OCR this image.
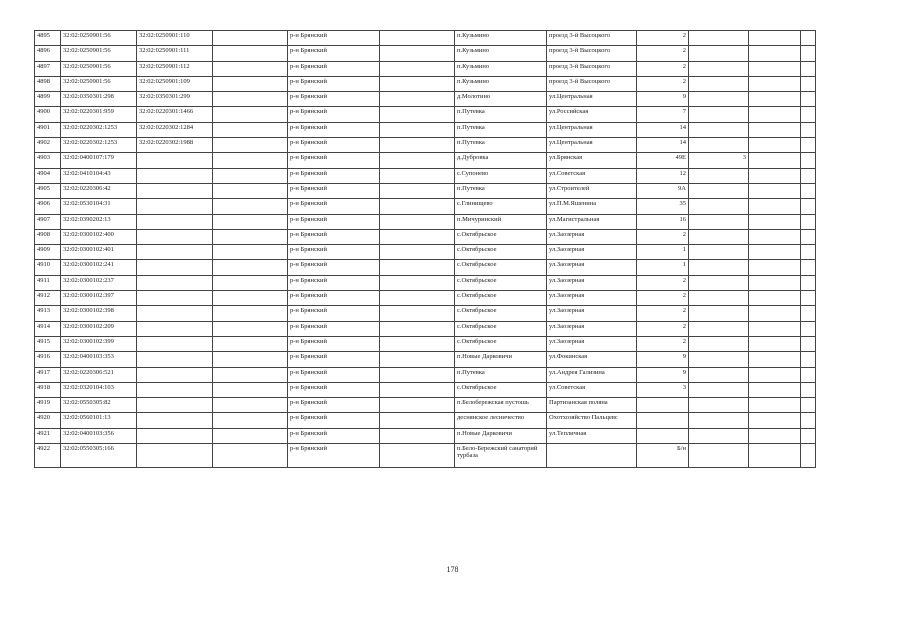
4895	32:02:0250901:56	32:02:0250901:110		р-н Брянский		п.Кузьмино	проезд 3-й Высоцкого	2			
4896	32:02:0250901:56	32:02:0250901:111		р-н Брянский		п.Кузьмино	проезд 3-й Высоцкого	2			
4897	32:02:0250901:56	32:02:0250901:112		р-н Брянский		п.Кузьмино	проезд 3-й Высоцкого	2			
4898	32:02:0250901:56	32:02:0250901:109		р-н Брянский		п.Кузьмино	проезд 3-й Высоцкого	2			
4899	32:02:0350301:298	32:02:0350301:299		р-н Брянский		д.Молотино	ул.Центральная	9			
4900	32:02:0220301:959	32:02:0220301:1466		р-н Брянский		п.Путевка	ул.Российская	7			
4901	32:02:0220302:1253	32:02:0220302:1284		р-н Брянский		п.Путевка	ул.Центральная	14			
4902	32:02:0220302:1253	32:02:0220302:1988		р-н Брянский		п.Путевка	ул.Центральная	14			
4903	32:02:0400107:179			р-н Брянский		д.Дубровка	ул.Брянская	49Е	3		
4904	32:02:0410104:43			р-н Брянский		с.Супонево	ул.Советская	12			
4905	32:02:0220306:42			р-н Брянский		п.Путевка	ул.Строителей	9А			
4906	32:02:0530104:31			р-н Брянский		с.Глинищево	ул.П.М.Яшенина	35			
4907	32:02:0390202:13			р-н Брянский		п.Мичуринский	ул.Магистральная	16			
4908	32:02:0300102:400			р-н Брянский		с.Октябрьское	ул.Заозерная	2			
4909	32:02:0300102:401			р-н Брянский		с.Октябрьское	ул.Заозерная	1			
4910	32:02:0300102:241			р-н Брянский		с.Октябрьское	ул.Заозерная	1			
4911	32:02:0300102:237			р-н Брянский		с.Октябрьское	ул.Заозерная	2			
4912	32:02:0300102:397			р-н Брянский		с.Октябрьское	ул.Заозерная	2			
4913	32:02:0300102:398			р-н Брянский		с.Октябрьское	ул.Заозерная	2			
4914	32:02:0300102:209			р-н Брянский		с.Октябрьское	ул.Заозерная	2			
4915	32:02:0300102:399			р-н Брянский		с.Октябрьское	ул.Заозерная	2			
4916	32:02:0400103:353			р-н Брянский		п.Новые Дарковичи	ул.Фокинская	9			
4917	32:02:0220306:521			р-н Брянский		п.Путевка	ул.Андрея Гализина	9			
4918	32:02:0320104:103			р-н Брянский		с.Октябрьское	ул.Советская	3			
4919	32:02:0550305:82			р-н Брянский		п.Белобережская пустошь	Партизанская поляна				
4920	32:02:0560101:13			р-н Брянский		деснянское лесничество	Охотхозяйство Пальцевс				
4921	32:02:0400103:356			р-н Брянский		п.Новые Дарковичи	ул.Тепличная				
4922	32:02:0550305:166			р-н Брянский		п.Бело-Бережский санаторий турбаза		Б/н			
178
